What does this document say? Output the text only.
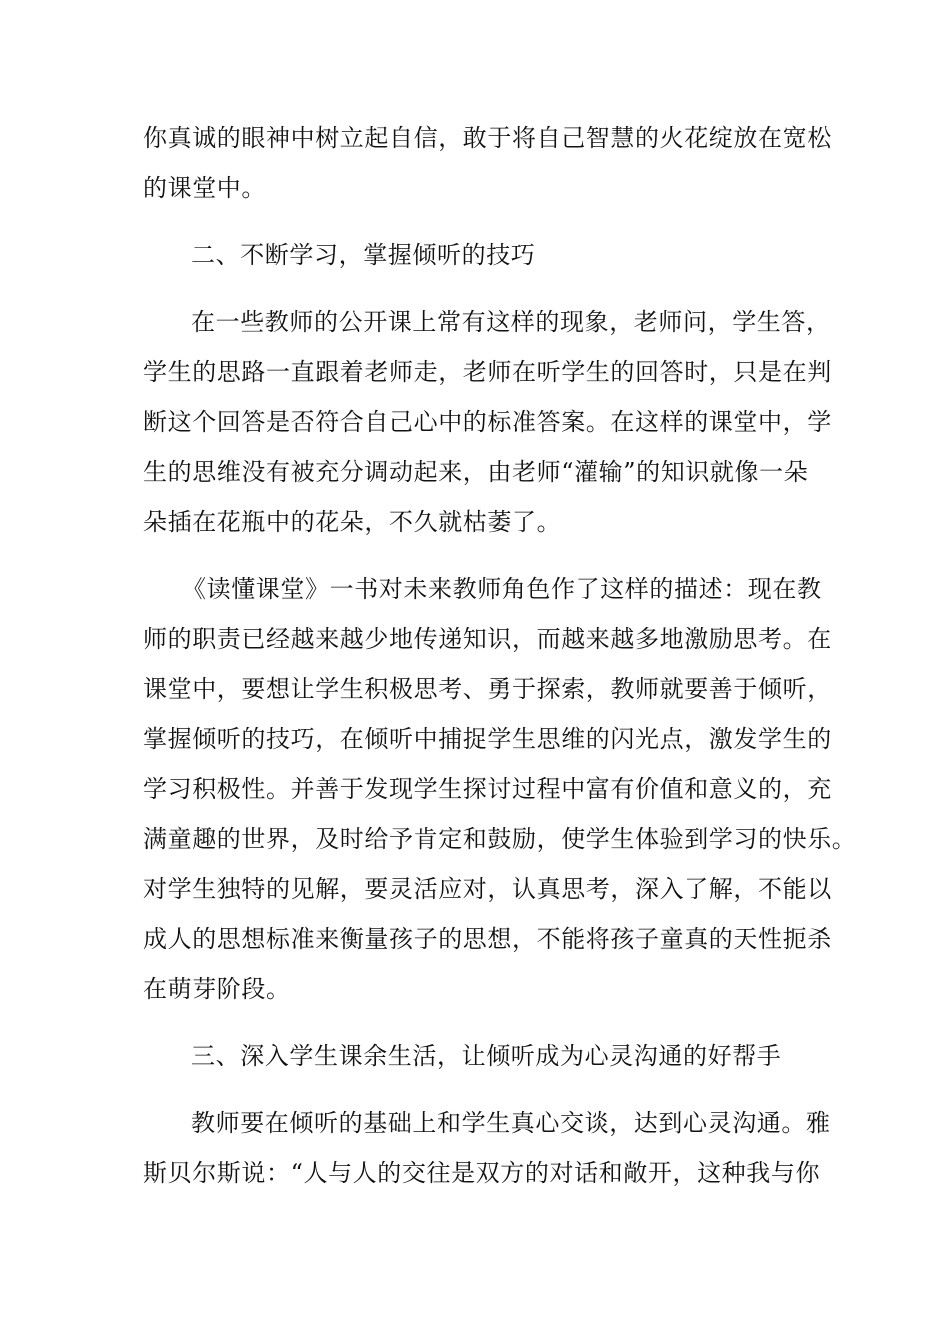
你真诚的眼神中树立起自信，敢于将自己智慧的火花绽放在宽松
的课堂中。
二、不断学习，掌握倾听的技巧
在一些教师的公开课上常有这样的现象，老师问，学生答，
学生的思路一直跟着老师走，老师在听学生的回答时，只是在判
断这个回答是否符合自己心中的标准答案。在这样的课堂中，学
生的思维没有被充分调动起来，由老师“灌输”的知识就像一朵
朵插在花瓶中的花朵，不久就枯萎了。
《读懂课堂》一书对未来教师角色作了这样的描述：现在教
师的职责已经越来越少地传递知识，而越来越多地激励思考。在
课堂中，要想让学生积极思考、勇于探索，教师就要善于倾听，
掌握倾听的技巧，在倾听中捕捉学生思维的闪光点，激发学生的
学习积极性。并善于发现学生探讨过程中富有价值和意义的，充
满童趣的世界，及时给予肯定和鼓励，使学生体验到学习的快乐。
对学生独特的见解，要灵活应对，认真思考，深入了解，不能以
成人的思想标准来衡量孩子的思想，不能将孩子童真的天性扼杀
在萌芽阶段。
三、深入学生课余生活，让倾听成为心灵沟通的好帮手
教师要在倾听的基础上和学生真心交谈，达到心灵沟通。雅
斯贝尔斯说：“人与人的交往是双方的对话和敞开，这种我与你
